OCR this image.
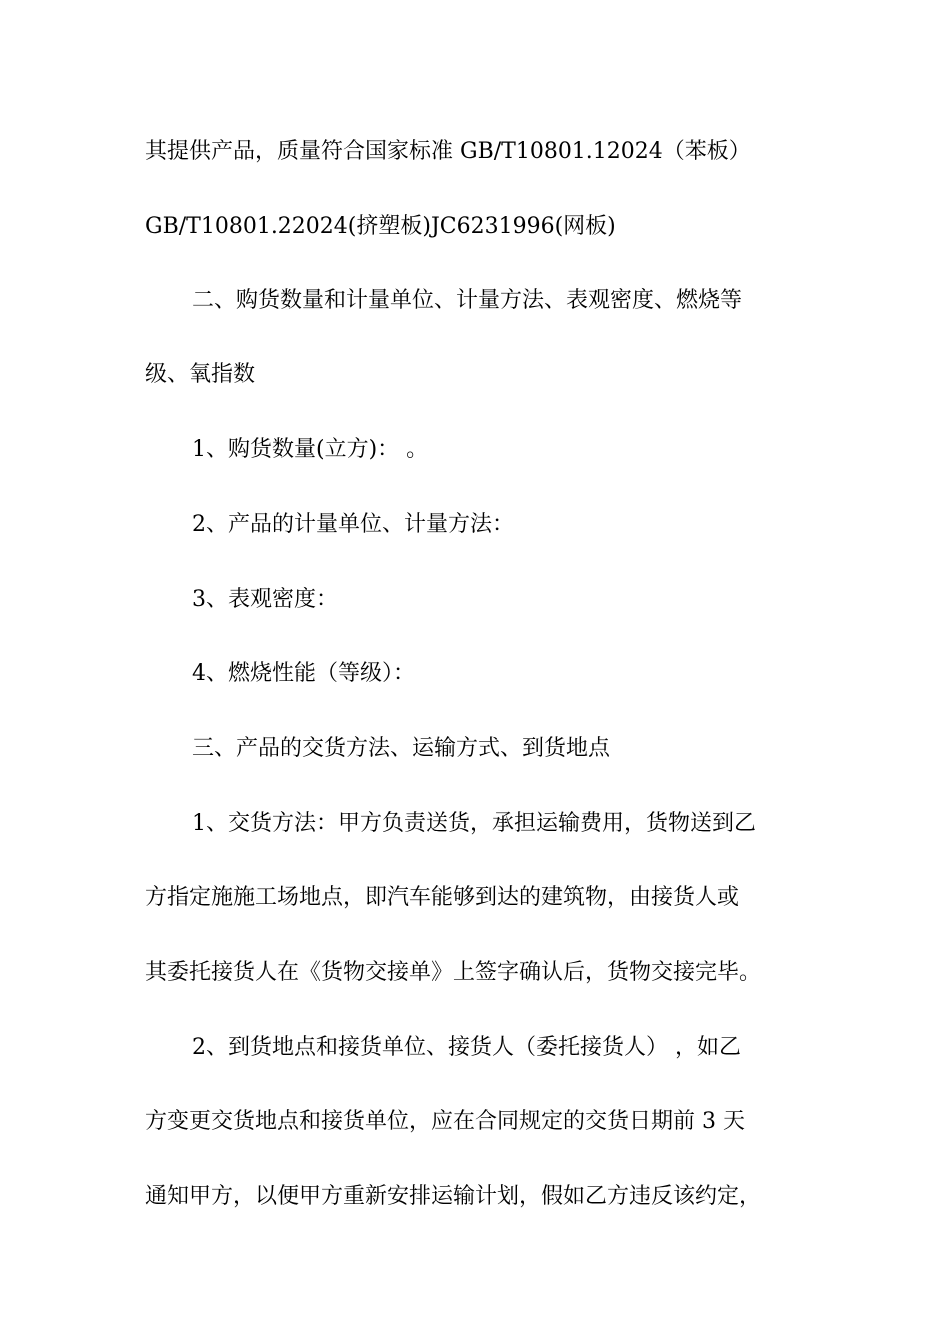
其提供产品，质量符合国家标准 GB/T10801.12024（苯板）
GB/T10801.22024(挤塑板)JC6231996(网板)
二、购货数量和计量单位、计量方法、表观密度、燃烧等
级、氧指数
1、购货数量(立方)： 。
2、产品的计量单位、计量方法：
3、表观密度：
4、燃烧性能（等级）：
三、产品的交货方法、运输方式、到货地点
1、交货方法：甲方负责送货，承担运输费用，货物送到乙
方指定施施工场地点，即汽车能够到达的建筑物，由接货人或
其委托接货人在《货物交接单》上签字确认后，货物交接完毕。
2、到货地点和接货单位、接货人（委托接货人） ，如乙
方变更交货地点和接货单位，应在合同规定的交货日期前 3 天
通知甲方，以便甲方重新安排运输计划，假如乙方违反该约定，
